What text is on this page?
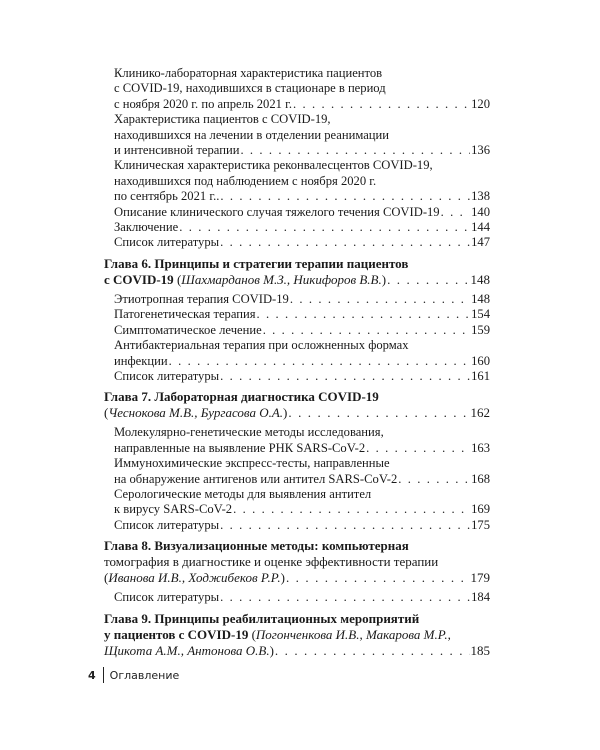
Клинико-лабораторная характеристика пациентов
с COVID-19, находившихся в стационаре в период
с ноября 2020 г. по апрель 2021 г. . . .	120
Характеристика пациентов с COVID-19,
находившихся на лечении в отделении реанимации
и интенсивной терапии . . .	136
Клиническая характеристика реконвалесцентов COVID-19,
находившихся под наблюдением с ноября 2020 г.
по сентябрь 2021 г.. . . .	138
Описание клинического случая тяжелого течения COVID-19 . . .	140
Заключение . . .	144
Список литературы . . .	147
Глава 6. Принципы и стратегии терапии пациентов
с COVID-19 (Шахмарданов М.З., Никифоров В.В.) . . .	148
Этиотропная терапия COVID-19 . . .	148
Патогенетическая терапия . . .	154
Симптоматическое лечение . . .	159
Антибактериальная терапия при осложненных формах
инфекции . . .	160
Список литературы . . .	161
Глава 7. Лабораторная диагностика COVID-19
(Чеснокова М.В., Бургасова О.А.) . . .	162
Молекулярно-генетические методы исследования,
направленные на выявление РНК SARS-CoV-2 . . .	163
Иммунохимические экспресс-тесты, направленные
на обнаружение антигенов или антител SARS-CoV-2 . . .	168
Серологические методы для выявления антител
к вирусу SARS-CoV-2 . . .	169
Список литературы . . .	175
Глава 8. Визуализационные методы: компьютерная
томография в диагностике и оценке эффективности терапии
(Иванова И.В., Ходжибеков Р.Р.) . . .	179
Список литературы . . .	184
Глава 9. Принципы реабилитационных мероприятий
у пациентов с COVID-19 (Погонченкова И.В., Макарова М.Р.,
Щикота А.М., Антонова О.В.) . . .	185
4 Оглавление
